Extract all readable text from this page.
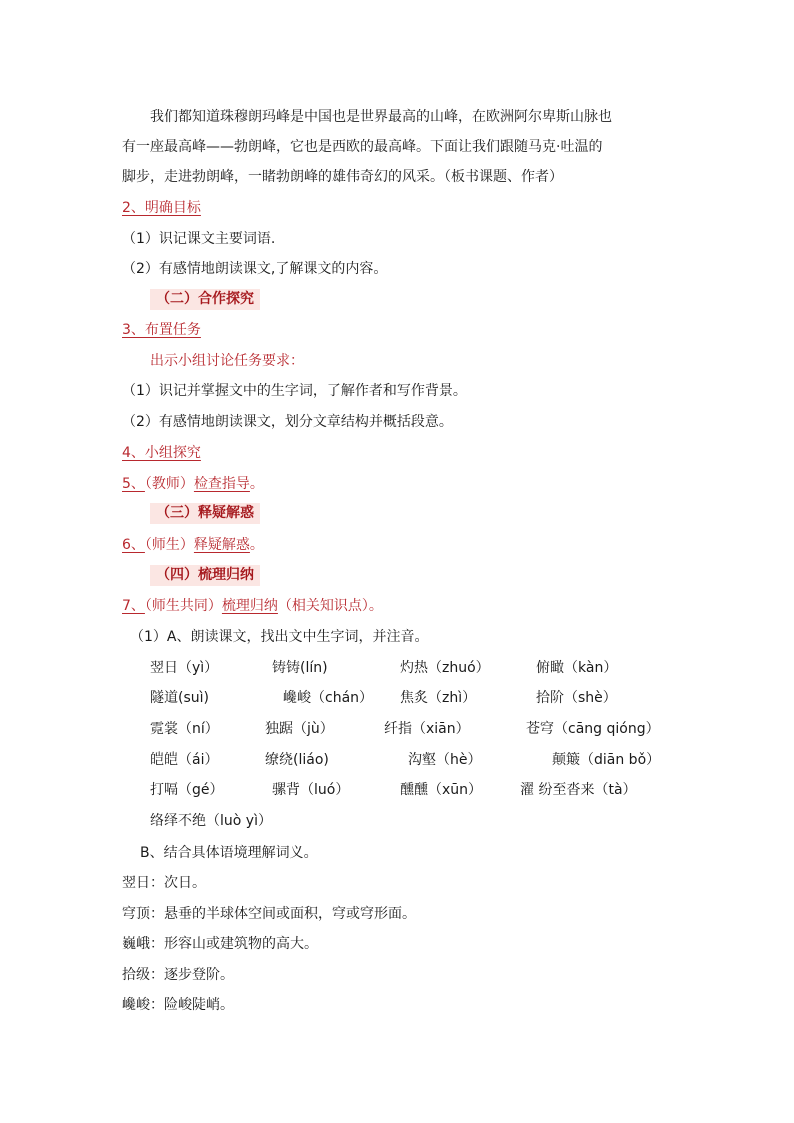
我们都知道珠穆朗玛峰是中国也是世界最高的山峰，在欧洲阿尔卑斯山脉也
有一座最高峰——勃朗峰，它也是西欧的最高峰。下面让我们跟随马克·吐温的
脚步，走进勃朗峰，一睹勃朗峰的雄伟奇幻的风采。（板书课题、作者）
2、明确目标
（1）识记课文主要词语.
（2）有感情地朗读课文,了解课文的内容。
（二）合作探究
3、布置任务
出示小组讨论任务要求：
（1）识记并掌握文中的生字词，了解作者和写作背景。
（2）有感情地朗读课文，划分文章结构并概括段意。
4、小组探究
5、（教师）检查指导。
（三）释疑解惑
6、（师生）释疑解惑。
（四）梳理归纳
7、（师生共同）梳理归纳（相关知识点）。
（1）A、朗读课文，找出文中生字词，并注音。
翌日（yì）	铸铸(lín)	灼热（zhuó）	俯瞰（kàn）
隧道(suì)	巉峻（chán） 焦炙（zhì）	拾阶（shè）
霓裳（ní）	独踞（jù）	纤指（xiān）	苍穹（cāng qióng）
皑皑（ái）	缭绕(liáo)	沟壑（hè）	颠簸（diān bǒ）
打嗝（gé）	骡背（luó）	醺醺（xūn）	濯 纷至沓来（tà）
络绎不绝（luò yì）
B、结合具体语境理解词义。
翌日：次日。
穹顶：悬垂的半球体空间或面积，穹或穹形面。
巍峨：形容山或建筑物的高大。
拾级：逐步登阶。
巉峻：险峻陡峭。
